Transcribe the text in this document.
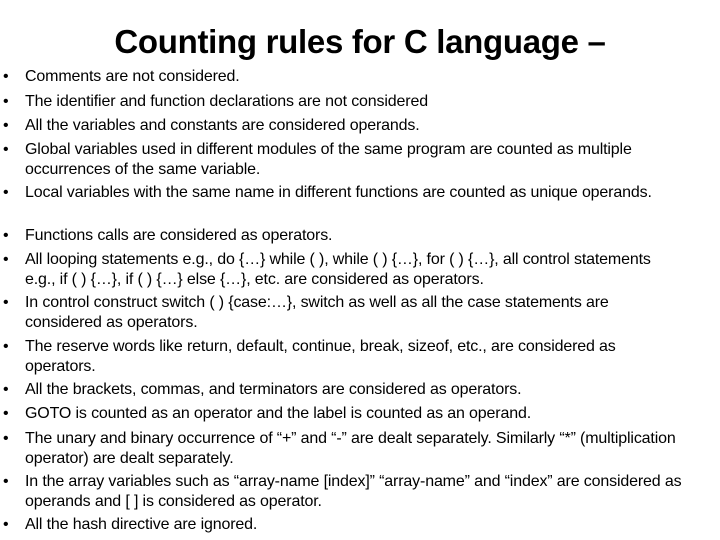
Counting rules for C language –
• Comments are not considered.
• The identifier and function declarations are not considered
• All the variables and constants are considered operands.
• Global variables used in different modules of the same program are counted as multiple occurrences of the same variable.
• Local variables with the same name in different functions are counted as unique operands.
• Functions calls are considered as operators.
• All looping statements e.g., do {…} while ( ), while ( ) {…}, for ( ) {…}, all control statements e.g., if ( ) {…}, if ( ) {…} else {…}, etc. are considered as operators.
• In control construct switch ( ) {case:…}, switch as well as all the case statements are considered as operators.
• The reserve words like return, default, continue, break, sizeof, etc., are considered as operators.
• All the brackets, commas, and terminators are considered as operators.
• GOTO is counted as an operator and the label is counted as an operand.
• The unary and binary occurrence of “+” and “-” are dealt separately. Similarly “*” (multiplication operator) are dealt separately.
• In the array variables such as “array-name [index]” “array-name” and “index” are considered as operands and [ ] is considered as operator.
• All the hash directive are ignored.
